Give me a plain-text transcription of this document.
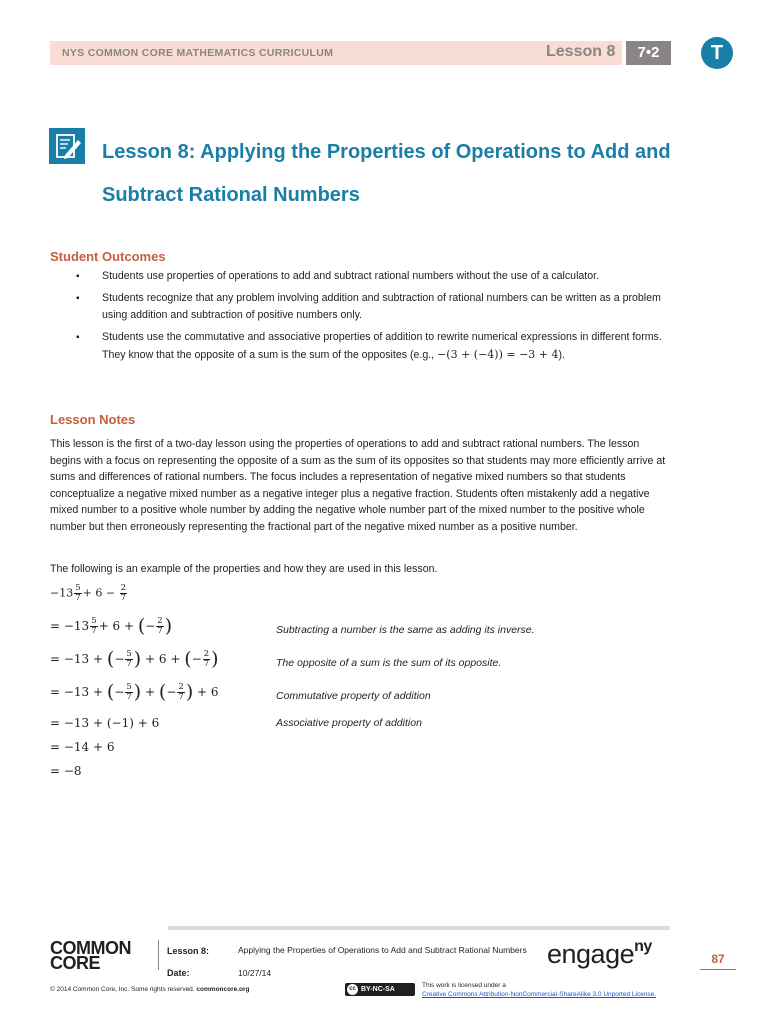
NYS COMMON CORE MATHEMATICS CURRICULUM	Lesson 8	7•2	T
Lesson 8: Applying the Properties of Operations to Add and
Subtract Rational Numbers
Student Outcomes
▪ Students use properties of operations to add and subtract rational numbers without the use of a calculator.
▪ Students recognize that any problem involving addition and subtraction of rational numbers can be written as a problem using addition and subtraction of positive numbers only.
▪ Students use the commutative and associative properties of addition to rewrite numerical expressions in different forms. They know that the opposite of a sum is the sum of the opposites (e.g., −(3 + (−4)) = −3 + 4).
Lesson Notes
This lesson is the first of a two-day lesson using the properties of operations to add and subtract rational numbers. The lesson begins with a focus on representing the opposite of a sum as the sum of its opposites so that students may more efficiently arrive at sums and differences of rational numbers. The focus includes a representation of negative mixed numbers so that students conceptualize a negative mixed number as a negative integer plus a negative fraction. Students often mistakenly add a negative mixed number to a positive whole number by adding the negative whole number part of the mixed number to the positive whole number but then erroneously representing the fractional part of the negative mixed number as a positive number.
The following is an example of the properties and how they are used in this lesson.
$-13 \frac{5}{7} + 6 - \frac{2}{7}$
= $-13 \frac{5}{7} + 6$ + (− $\frac{2}{7}$ )	Subtracting a number is the same as adding its inverse.
= −13 + (− $\frac{5}{7}$ ) + 6 + (− $\frac{2}{7}$ )	The opposite of a sum is the sum of its opposite.
= −13 + (− $\frac{5}{7}$ ) + (− $\frac{2}{7}$ ) + 6	Commutative property of addition
= −13 + (−1) + 6	Associative property of addition
= −14 + 6
= −8
COMMON
CORE
Lesson 8:	Applying the Properties of Operations to Add and Subtract Rational Numbers
Date:	10/27/14
engage$^{ny}$
87
© 2014 Common Core, Inc. Some rights reserved. commoncore.org	cc BY-NC-SA
This work is licensed under a
Creative Commons Attribution-NonCommercial-ShareAlike 3.0 Unported License.
